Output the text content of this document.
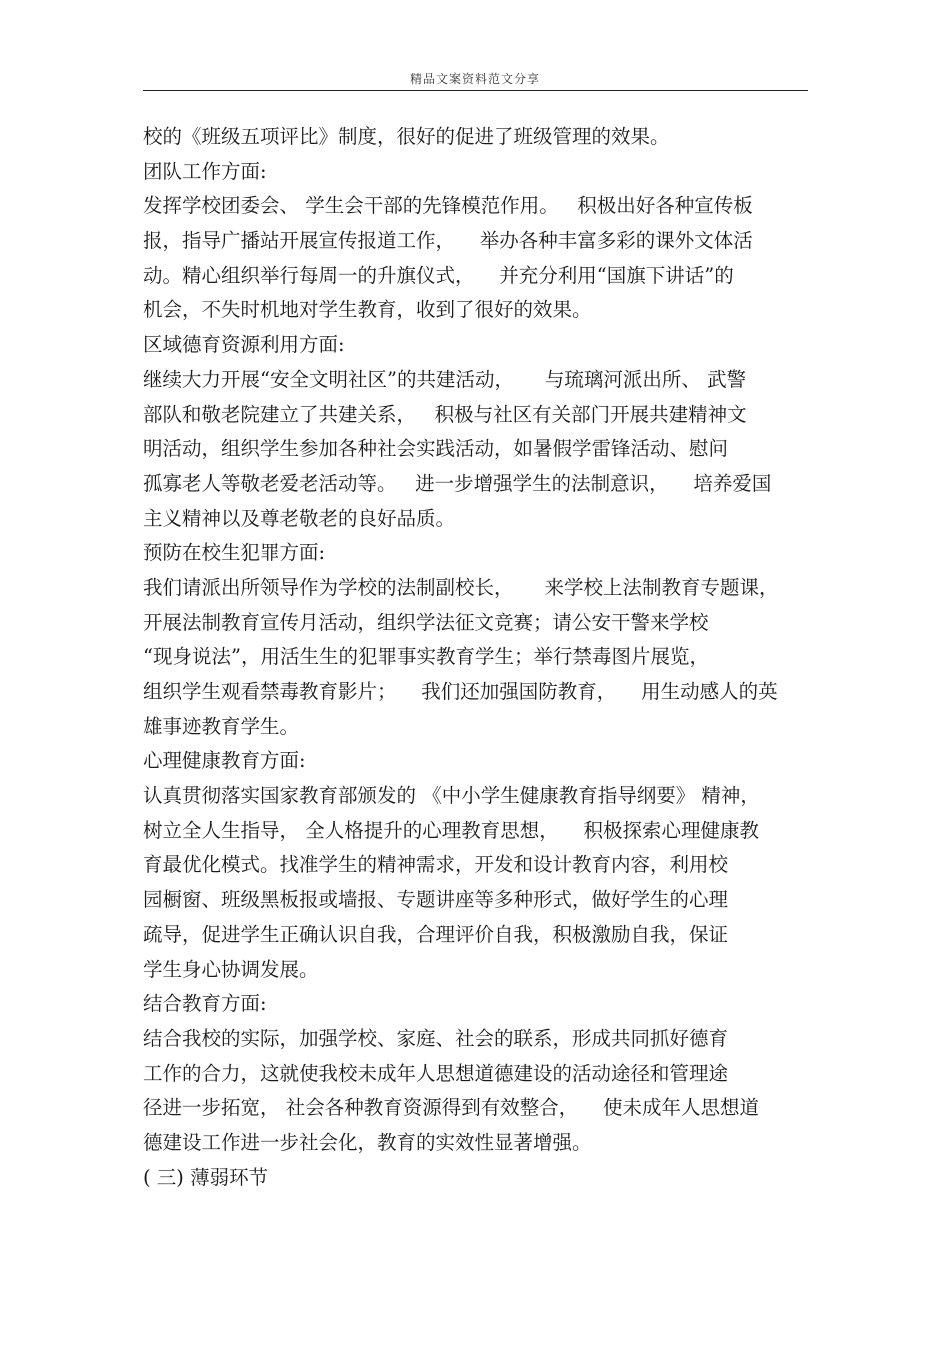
精品文案资料范文分享
校的《班级五项评比》制度，很好的促进了班级管理的效果。
团队工作方面:
发挥学校团委会、 学生会干部的先锋模范作用。   积极出好各种宣传板
报，指导广播站开展宣传报道工作，    举办各种丰富多彩的课外文体活
动。精心组织举行每周一的升旗仪式，    并充分利用“国旗下讲话”的
机会，不失时机地对学生教育，收到了很好的效果。
区域德育资源利用方面:
继续大力开展“安全文明社区”的共建活动，     与琉璃河派出所、 武警
部队和敬老院建立了共建关系，   积极与社区有关部门开展共建精神文
明活动，组织学生参加各种社会实践活动，如暑假学雷锋活动、慰问
孤寡老人等敬老爱老活动等。   进一步增强学生的法制意识，    培养爱国
主义精神以及尊老敬老的良好品质。
预防在校生犯罪方面:
我们请派出所领导作为学校的法制副校长，     来学校上法制教育专题课，
开展法制教育宣传月活动，组织学法征文竞赛；请公安干警来学校
“现身说法”，用活生生的犯罪事实教育学生；举行禁毒图片展览，
组织学生观看禁毒教育影片；    我们还加强国防教育，    用生动感人的英
雄事迹教育学生。
心理健康教育方面:
认真贯彻落实国家教育部颁发的 《中小学生健康教育指导纲要》 精神，
树立全人生指导， 全人格提升的心理教育思想，    积极探索心理健康教
育最优化模式。找准学生的精神需求，开发和设计教育内容，利用校
园橱窗、班级黑板报或墙报、专题讲座等多种形式，做好学生的心理
疏导，促进学生正确认识自我，合理评价自我，积极激励自我，保证
学生身心协调发展。
结合教育方面:
结合我校的实际，加强学校、家庭、社会的联系，形成共同抓好德育
工作的合力，这就使我校未成年人思想道德建设的活动途径和管理途
径进一步拓宽， 社会各种教育资源得到有效整合，    使未成年人思想道
德建设工作进一步社会化，教育的实效性显著增强。
( 三) 薄弱环节
